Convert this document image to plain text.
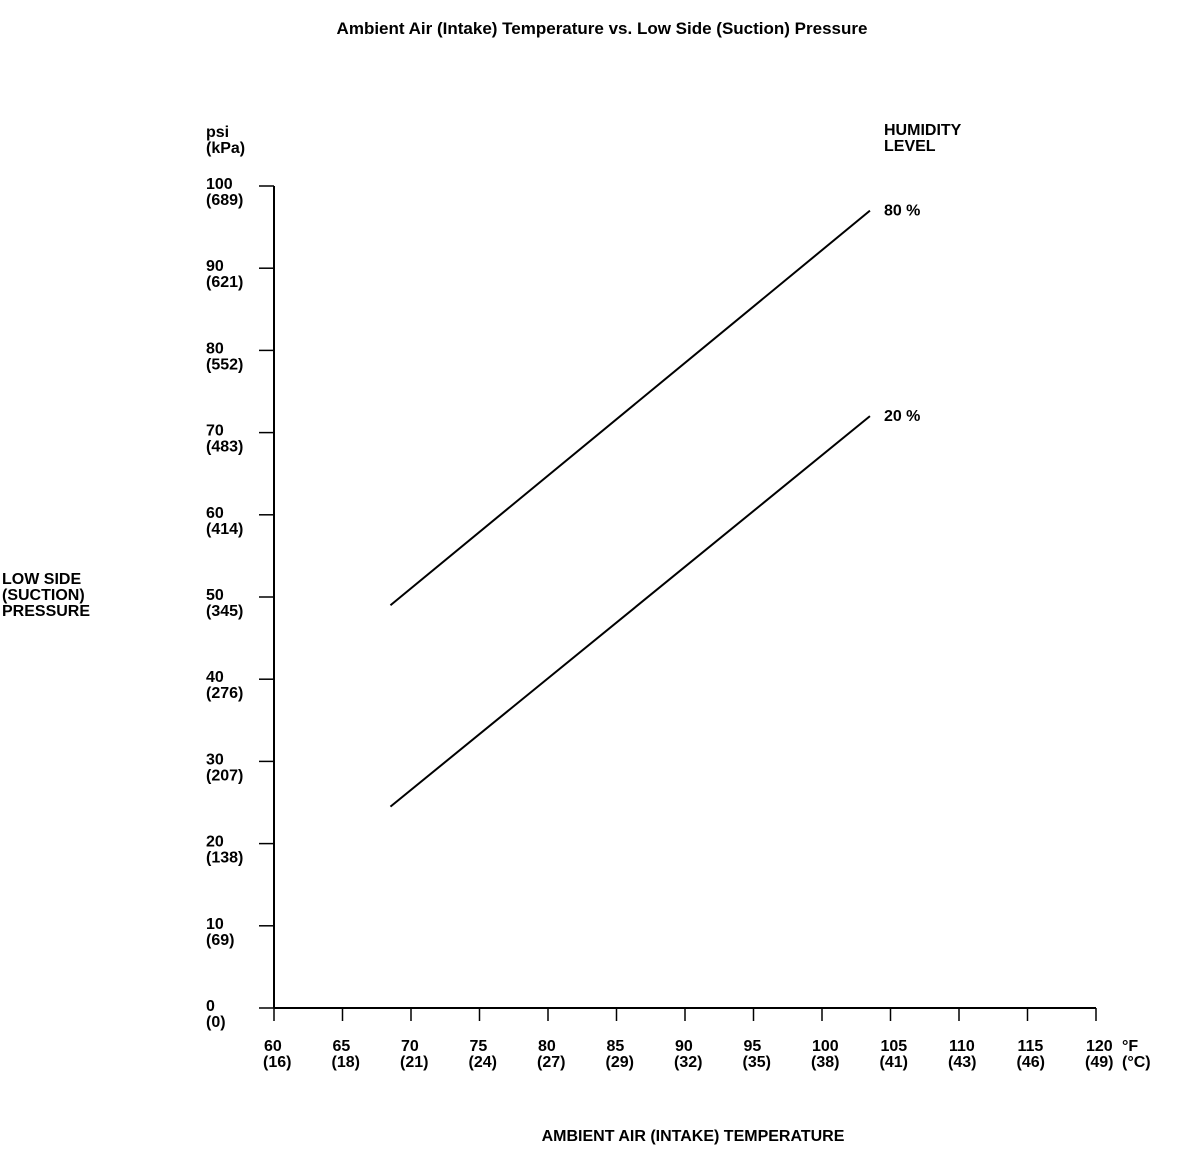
Ambient Air (Intake) Temperature vs. Low Side (Suction) Pressure
psi
(kPa)
LOW SIDE
(SUCTION)
PRESSURE
HUMIDITY
LEVEL
AMBIENT AIR (INTAKE) TEMPERATURE
°F
(°C)
0
(0)
10
(69)
20
(138)
30
(207)
40
(276)
50
(345)
60
(414)
70
(483)
80
(552)
90
(621)
100
(689)
60
(16)
65
(18)
70
(21)
75
(24)
80
(27)
85
(29)
90
(32)
95
(35)
100
(38)
105
(41)
110
(43)
115
(46)
120
(49)
80 %
20 %
